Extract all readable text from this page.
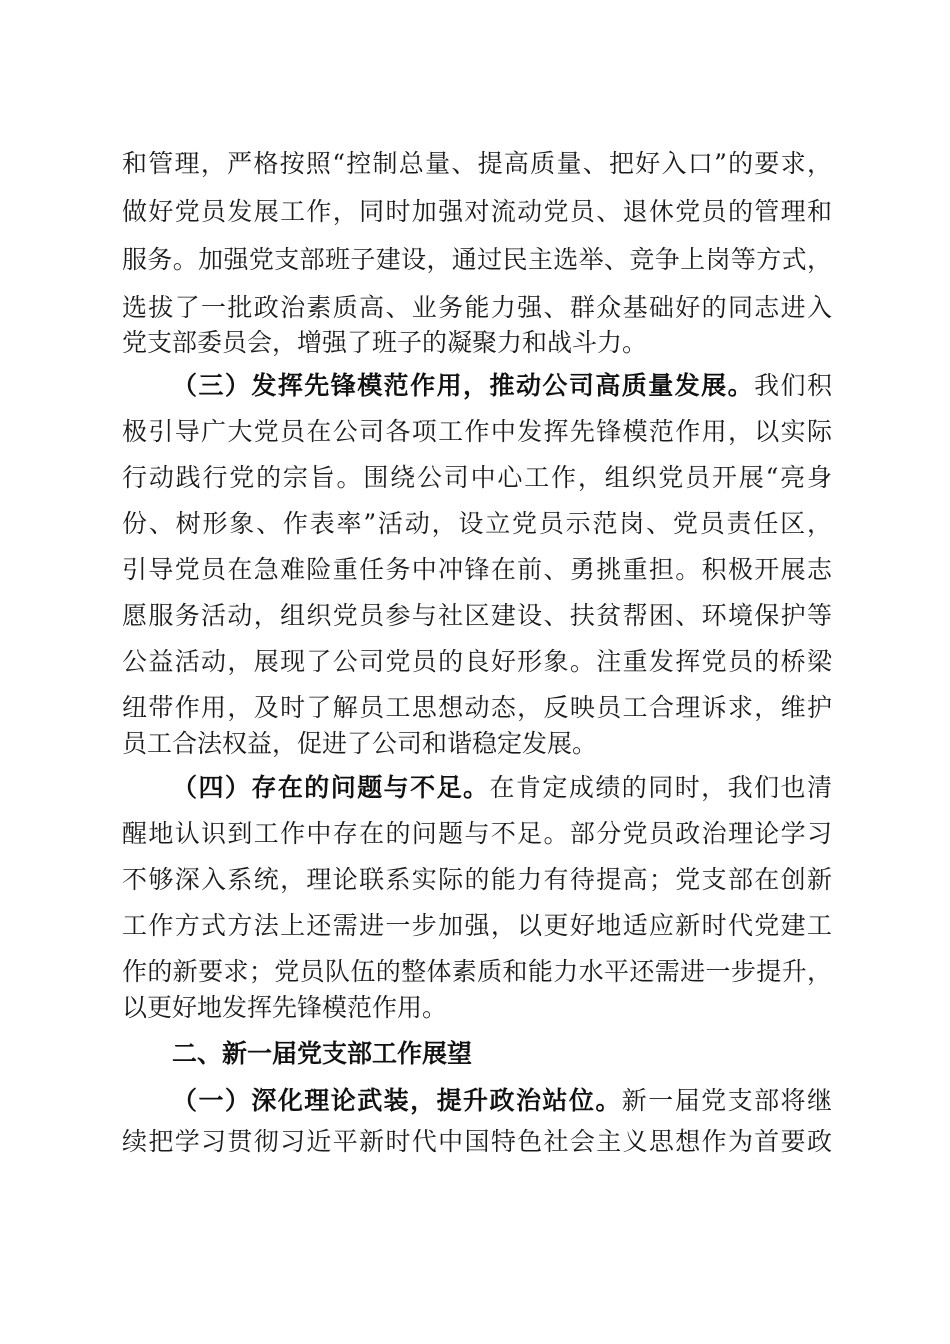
和管理，严格按照“控制总量、提高质量、把好入口”的要求，
做好党员发展工作，同时加强对流动党员、退休党员的管理和
服务。加强党支部班子建设，通过民主选举、竞争上岗等方式，
选拔了一批政治素质高、业务能力强、群众基础好的同志进入
党支部委员会，增强了班子的凝聚力和战斗力。
（三）发挥先锋模范作用，推动公司高质量发展。我们积
极引导广大党员在公司各项工作中发挥先锋模范作用，以实际
行动践行党的宗旨。围绕公司中心工作，组织党员开展“亮身
份、树形象、作表率”活动，设立党员示范岗、党员责任区，
引导党员在急难险重任务中冲锋在前、勇挑重担。积极开展志
愿服务活动，组织党员参与社区建设、扶贫帮困、环境保护等
公益活动，展现了公司党员的良好形象。注重发挥党员的桥梁
纽带作用，及时了解员工思想动态，反映员工合理诉求，维护
员工合法权益，促进了公司和谐稳定发展。
（四）存在的问题与不足。在肯定成绩的同时，我们也清
醒地认识到工作中存在的问题与不足。部分党员政治理论学习
不够深入系统，理论联系实际的能力有待提高；党支部在创新
工作方式方法上还需进一步加强，以更好地适应新时代党建工
作的新要求；党员队伍的整体素质和能力水平还需进一步提升，
以更好地发挥先锋模范作用。
二、新一届党支部工作展望
（一）深化理论武装，提升政治站位。新一届党支部将继
续把学习贯彻习近平新时代中国特色社会主义思想作为首要政
